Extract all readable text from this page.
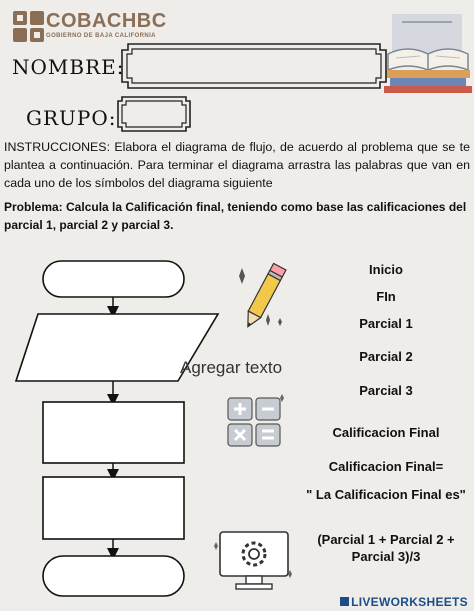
COBACHBC
GOBIERNO DE BAJA CALIFORNIA
NOMBRE:
GRUPO:
INSTRUCCIONES: Elabora el diagrama de flujo, de acuerdo al problema que se te plantea a continuación. Para terminar el diagrama arrastra las palabras que van en cada uno de los símbolos del diagrama siguiente
Problema: Calcula la Calificación final, teniendo como base las calificaciones del parcial 1, parcial 2 y parcial 3.
Agregar texto
Inicio
FIn
Parcial 1
Parcial 2
Parcial 3
Calificacion Final
Calificacion Final=
" La Calificacion Final es"
(Parcial 1 + Parcial 2 + Parcial 3)/3
LIVEWORKSHEETS
